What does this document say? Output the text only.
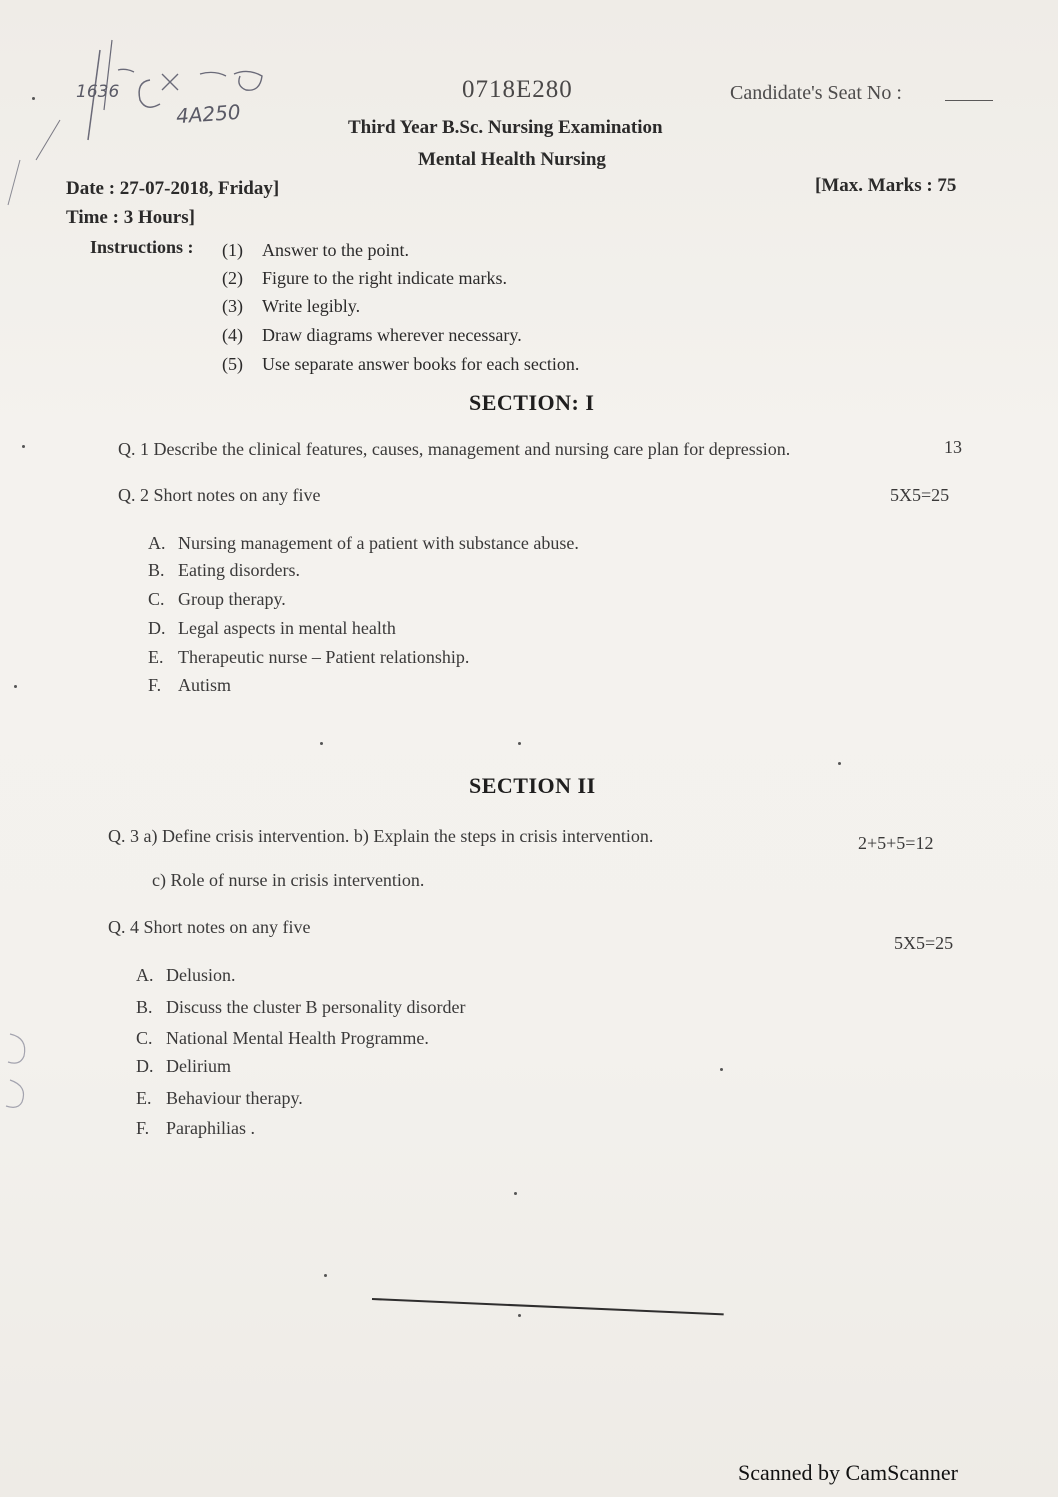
1636
4A250
0718E280	Candidate's Seat No :
Third Year B.Sc. Nursing Examination
Mental Health Nursing
Date : 27-07-2018, Friday]
Time : 3 Hours]
[Max. Marks : 75
Instructions : (1) Answer to the point.
(2) Figure to the right indicate marks.
(3) Write legibly.
(4) Draw diagrams wherever necessary.
(5) Use separate answer books for each section.
SECTION: I
Q. 1 Describe the clinical features, causes, management and nursing care plan for depression.	13
Q. 2 Short notes on any five	5X5=25
A. Nursing management of a patient with substance abuse.
B. Eating disorders.
C. Group therapy.
D. Legal aspects in mental health
E. Therapeutic nurse – Patient relationship.
F. Autism
SECTION II
Q. 3 a) Define crisis intervention. b) Explain the steps in crisis intervention.	2+5+5=12
c) Role of nurse in crisis intervention.
Q. 4 Short notes on any five
5X5=25
A. Delusion.
B. Discuss the cluster B personality disorder
C. National Mental Health Programme.
D. Delirium
E. Behaviour therapy.
F. Paraphilias .
Scanned by CamScanner
